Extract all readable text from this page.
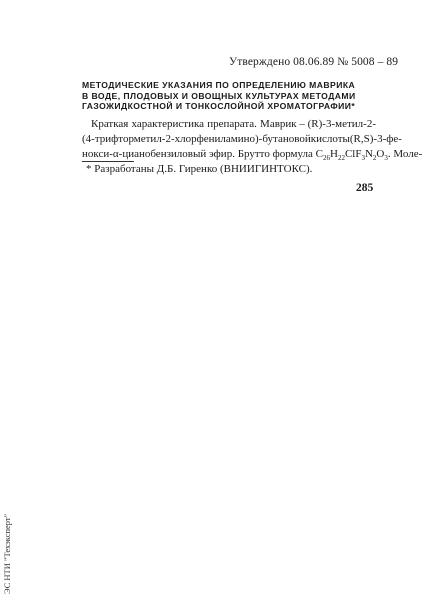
Утверждено 08.06.89 № 5008 – 89
МЕТОДИЧЕСКИЕ УКАЗАНИЯ ПО ОПРЕДЕЛЕНИЮ МАВРИКА
В ВОДЕ, ПЛОДОВЫХ И ОВОЩНЫХ КУЛЬТУРАХ МЕТОДАМИ
ГАЗОЖИДКОСТНОЙ И ТОНКОСЛОЙНОЙ ХРОМАТОГРАФИИ*
Краткая характеристика препарата. Маврик – (R)-3-метил-2-
(4-трифторметил-2-хлорфениламино)-бутановой кислоты (R,S)-3-фе-
нокси-α-цианобензиловый эфир. Брутто формула $C_{26}H_{22}ClF_3N_2O_3$. Моле-
* Разработаны Д.Б. Гиренко (ВНИИГИНТОКС).
285
ЭС НТИ "Техэксперт"
